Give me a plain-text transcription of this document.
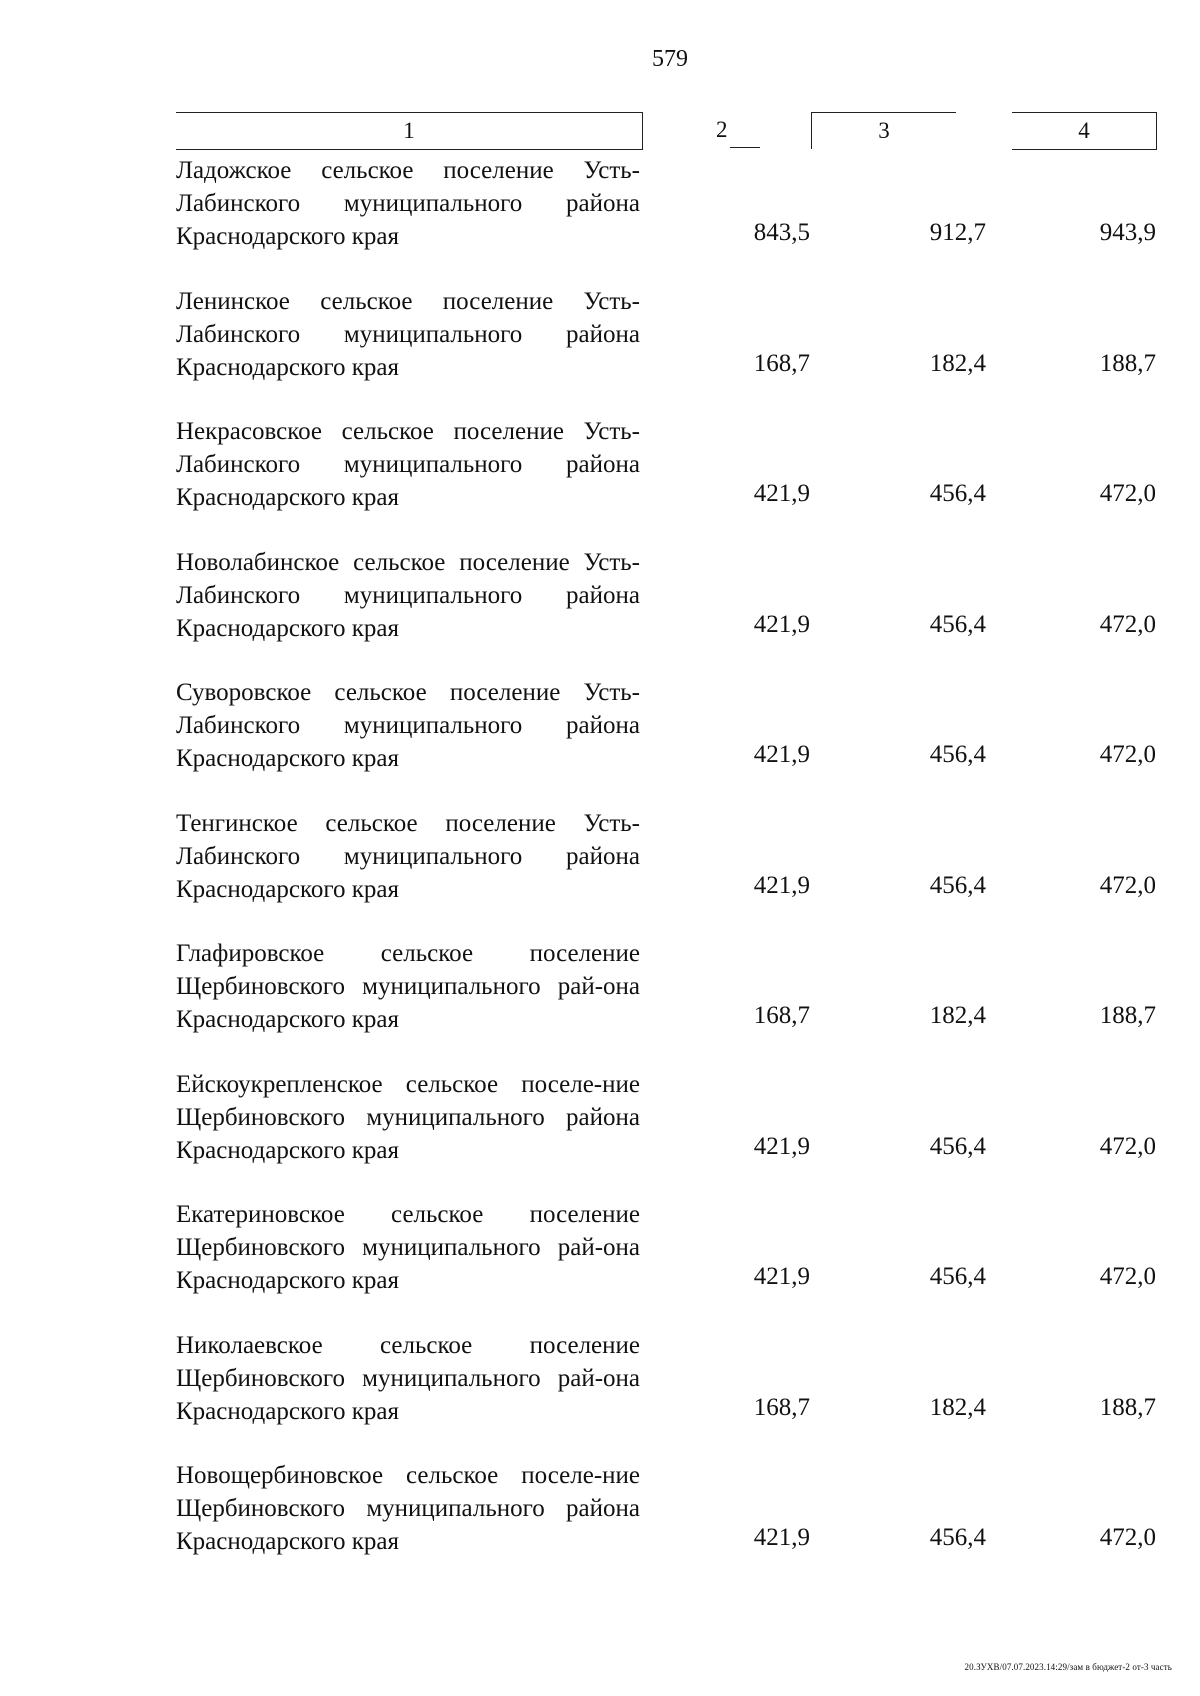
579
1	2	3	4
Ладожское сельское поселение Усть-Лабинского муниципального района Краснодарского края	843,5	912,7	943,9
Ленинское сельское поселение Усть-Лабинского муниципального района Краснодарского края	168,7	182,4	188,7
Некрасовское сельское поселение Усть-Лабинского муниципального района Краснодарского края	421,9	456,4	472,0
Новолабинское сельское поселение Усть-Лабинского муниципального района Краснодарского края	421,9	456,4	472,0
Суворовское сельское поселение Усть-Лабинского муниципального района Краснодарского края	421,9	456,4	472,0
Тенгинское сельское поселение Усть-Лабинского муниципального района Краснодарского края	421,9	456,4	472,0
Глафировское сельское поселение Щербиновского муниципального рай-она Краснодарского края	168,7	182,4	188,7
Ейскоукрепленское сельское поселе-ние Щербиновского муниципального района Краснодарского края	421,9	456,4	472,0
Екатериновское сельское поселение Щербиновского муниципального рай-она Краснодарского края	421,9	456,4	472,0
Николаевское сельское поселение Щербиновского муниципального рай-она Краснодарского края	168,7	182,4	188,7
Новощербиновское сельское поселе-ние Щербиновского муниципального района Краснодарского края	421,9	456,4	472,0
20.ЗУХВ/07.07.2023.14:29/зам в бюджет-2 от-3 часть
